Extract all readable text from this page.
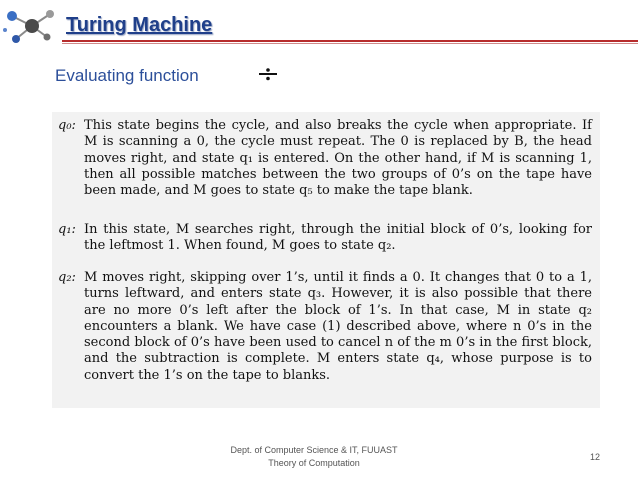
Turing Machine
Evaluating function
q₀: This state begins the cycle, and also breaks the cycle when appropriate. If M is scanning a 0, the cycle must repeat. The 0 is replaced by B, the head moves right, and state q₁ is entered. On the other hand, if M is scanning 1, then all possible matches between the two groups of 0’s on the tape have been made, and M goes to state q₅ to make the tape blank.
q₁: In this state, M searches right, through the initial block of 0’s, looking for the leftmost 1. When found, M goes to state q₂.
q₂: M moves right, skipping over 1’s, until it finds a 0. It changes that 0 to a 1, turns leftward, and enters state q₃. However, it is also possible that there are no more 0’s left after the block of 1’s. In that case, M in state q₂ encounters a blank. We have case (1) described above, where n 0’s in the second block of 0’s have been used to cancel n of the m 0’s in the first block, and the subtraction is complete. M enters state q₄, whose purpose is to convert the 1’s on the tape to blanks.
Dept. of Computer Science & IT, FUUAST
Theory of Computation
12
